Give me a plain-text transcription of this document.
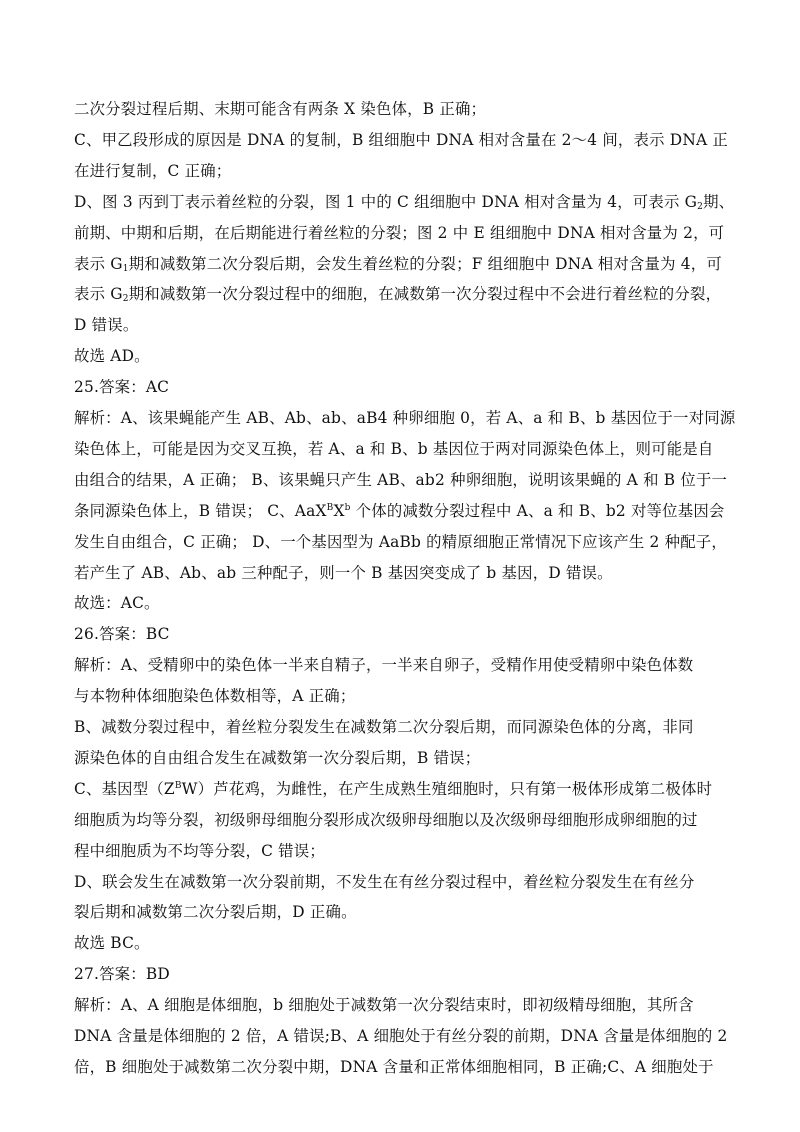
二次分裂过程后期、末期可能含有两条 X 染色体，B 正确；

C、甲乙段形成的原因是 DNA 的复制，B 组细胞中 DNA 相对含量在 2～4 间，表示 DNA 正

在进行复制，C 正确；

D、图 3 丙到丁表示着丝粒的分裂，图 1 中的 C 组细胞中 DNA 相对含量为 4，可表示 $G_2$期、

前期、中期和后期，在后期能进行着丝粒的分裂；图 2 中 E 组细胞中 DNA 相对含量为 2，可

表示 $G_1$期和减数第二次分裂后期，会发生着丝粒的分裂；F 组细胞中 DNA 相对含量为 4，可

表示 $G_2$期和减数第一次分裂过程中的细胞，在减数第一次分裂过程中不会进行着丝粒的分裂，

D 错误。

故选 AD。

25.答案：AC

解析：A、该果蝇能产生 AB、Ab、ab、aB4 种卵细胞 0，若 A、a 和 B、b 基因位于一对同源

染色体上，可能是因为交叉互换，若 A、a 和 B、b 基因位于两对同源染色体上，则可能是自

由组合的结果，A 正确； B、该果蝇只产生 AB、ab2 种卵细胞，说明该果蝇的 A 和 B 位于一

条同源染色体上，B 错误； C、$AaX^BX^b$ 个体的减数分裂过程中 A、a 和 B、b2 对等位基因会

发生自由组合，C 正确； D、一个基因型为 AaBb 的精原细胞正常情况下应该产生 2 种配子，

若产生了 AB、Ab、ab 三种配子，则一个 B 基因突变成了 b 基因，D 错误。

故选：AC。

26.答案：BC

解析：A、受精卵中的染色体一半来自精子，一半来自卵子，受精作用使受精卵中染色体数

与本物种体细胞染色体数相等，A 正确；

B、减数分裂过程中，着丝粒分裂发生在减数第二次分裂后期，而同源染色体的分离，非同

源染色体的自由组合发生在减数第一次分裂后期，B 错误；

C、基因型$(Z^BW)$芦花鸡，为雌性，在产生成熟生殖细胞时，只有第一极体形成第二极体时

细胞质为均等分裂，初级卵母细胞分裂形成次级卵母细胞以及次级卵母细胞形成卵细胞的过

程中细胞质为不均等分裂，C 错误；

D、联会发生在减数第一次分裂前期，不发生在有丝分裂过程中，着丝粒分裂发生在有丝分

裂后期和减数第二次分裂后期，D 正确。

故选 BC。

27.答案：BD

解析：A、A 细胞是体细胞，b 细胞处于减数第一次分裂结束时，即初级精母细胞，其所含

DNA 含量是体细胞的 2 倍，A 错误;B、A 细胞处于有丝分裂的前期，DNA 含量是体细胞的 2

倍，B 细胞处于减数第二次分裂中期，DNA 含量和正常体细胞相同，B 正确;C、A 细胞处于
